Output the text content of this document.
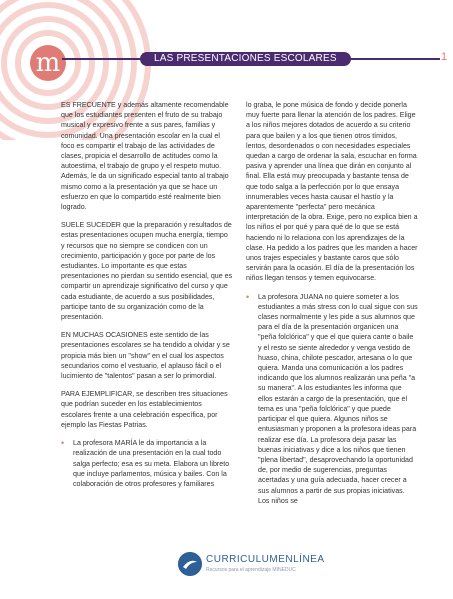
m	LAS PRESENTACIONES ESCOLARES	1

ES FRECUENTE y además altamente recomendable que los estudiantes presenten el fruto de su trabajo musical y expresivo frente a sus pares, familias y comunidad. Una presentación escolar en la cual el foco es compartir el trabajo de las actividades de clases, propicia el desarrollo de actitudes como la autoestima, el trabajo de grupo y el respeto mutuo. Además, le da un significado especial tanto al trabajo mismo como a la presentación ya que se hace un esfuerzo en que lo compartido esté realmente bien logrado.

SUELE SUCEDER que la preparación y resultados de estas presentaciones ocupen mucha energía, tiempo y recursos que no siempre se condicen con un crecimiento, participación y goce por parte de los estudiantes. Lo importante es que estas presentaciones no pierdan su sentido esencial, que es compartir un aprendizaje significativo del curso y que cada estudiante, de acuerdo a sus posibilidades, participe tanto de su organización como de la presentación.

EN MUCHAS OCASIONES este sentido de las presentaciones escolares se ha tendido a olvidar y se propicia más bien un "show" en el cual los aspectos secundarios como el vestuario, el aplauso fácil o el lucimiento de "talentos" pasan a ser lo primordial.

PARA EJEMPLIFICAR, se describen tres situaciones que podrían suceder en los establecimientos escolares frente a una celebración específica, por ejemplo las Fiestas Patrias.

• La profesora MARÍA le da importancia a la realización de una presentación en la cual todo salga perfecto; esa es su meta. Elabora un libreto que incluye parlamentos, música y bailes. Con la colaboración de otros profesores y familiares

lo graba, le pone música de fondo y decide ponerla muy fuerte para llenar la atención de los padres. Elige a los niños mejores dotados de acuerdo a su criterio para que bailen y a los que tienen otros tímidos, lentos, desordenados o con necesidades especiales quedan a cargo de ordenar la sala, escuchar en forma pasiva y aprender una línea que dirán en conjunto al final. Ella está muy preocupada y bastante tensa de que todo salga a la perfección por lo que ensaya innumerables veces hasta causar el hastío y la aparentemente "perfecta" pero mecánica interpretación de la obra. Exige, pero no explica bien a los niños el por qué y para qué de lo que se está haciendo ni lo relaciona con los aprendizajes de la clase. Ha pedido a los padres que les manden a hacer unos trajes especiales y bastante caros que sólo servirán para la ocasión. El día de la presentación los niños llegan tensos y temen equivocarse.

• La profesora JUANA no quiere someter a los estudiantes a más stress con lo cual sigue con sus clases normalmente y les pide a sus alumnos que para el día de la presentación organicen una "peña folclórica" y que el que quiera cante o baile y el resto se siente alrededor y venga vestido de huaso, china, chilote pescador, artesana o lo que quiera. Manda una comunicación a los padres indicando que los alumnos realizarán una peña "a su manera". A los estudiantes les informa que ellos estarán a cargo de la presentación, que el tema es una "peña folclórica" y que puede participar el que quiera. Algunos niños se entusiasman y proponen a la profesora ideas para realizar ese día. La profesora deja pasar las buenas iniciativas y dice a los niños que tienen "plena libertad", desaprovechando la oportunidad de, por medio de sugerencias, preguntas acertadas y una guía adecuada, hacer crecer a sus alumnos a partir de sus propias iniciativas. Los niños se
CURRICULUMENLÍNEA
Recursos para el aprendizaje MINEDUC
